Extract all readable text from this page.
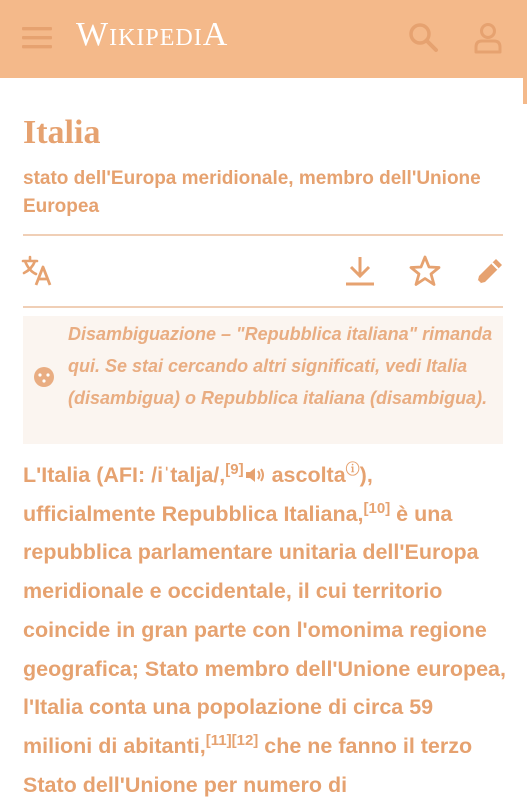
WIKIPEDIA
Italia
stato dell'Europa meridionale, membro dell'Unione Europea
Disambiguazione – "Repubblica italiana" rimanda qui. Se stai cercando altri significati, vedi Italia (disambigua) o Repubblica italiana (disambigua).
L'Italia (AFI: /iˈtalja/,[9] ascoltaⓘ), ufficialmente Repubblica Italiana,[10] è una repubblica parlamentare unitaria dell'Europa meridionale e occidentale, il cui territorio coincide in gran parte con l'omonima regione geografica; Stato membro dell'Unione europea, l'Italia conta una popolazione di circa 59 milioni di abitanti,[11][12] che ne fanno il terzo Stato dell'Unione per numero di
